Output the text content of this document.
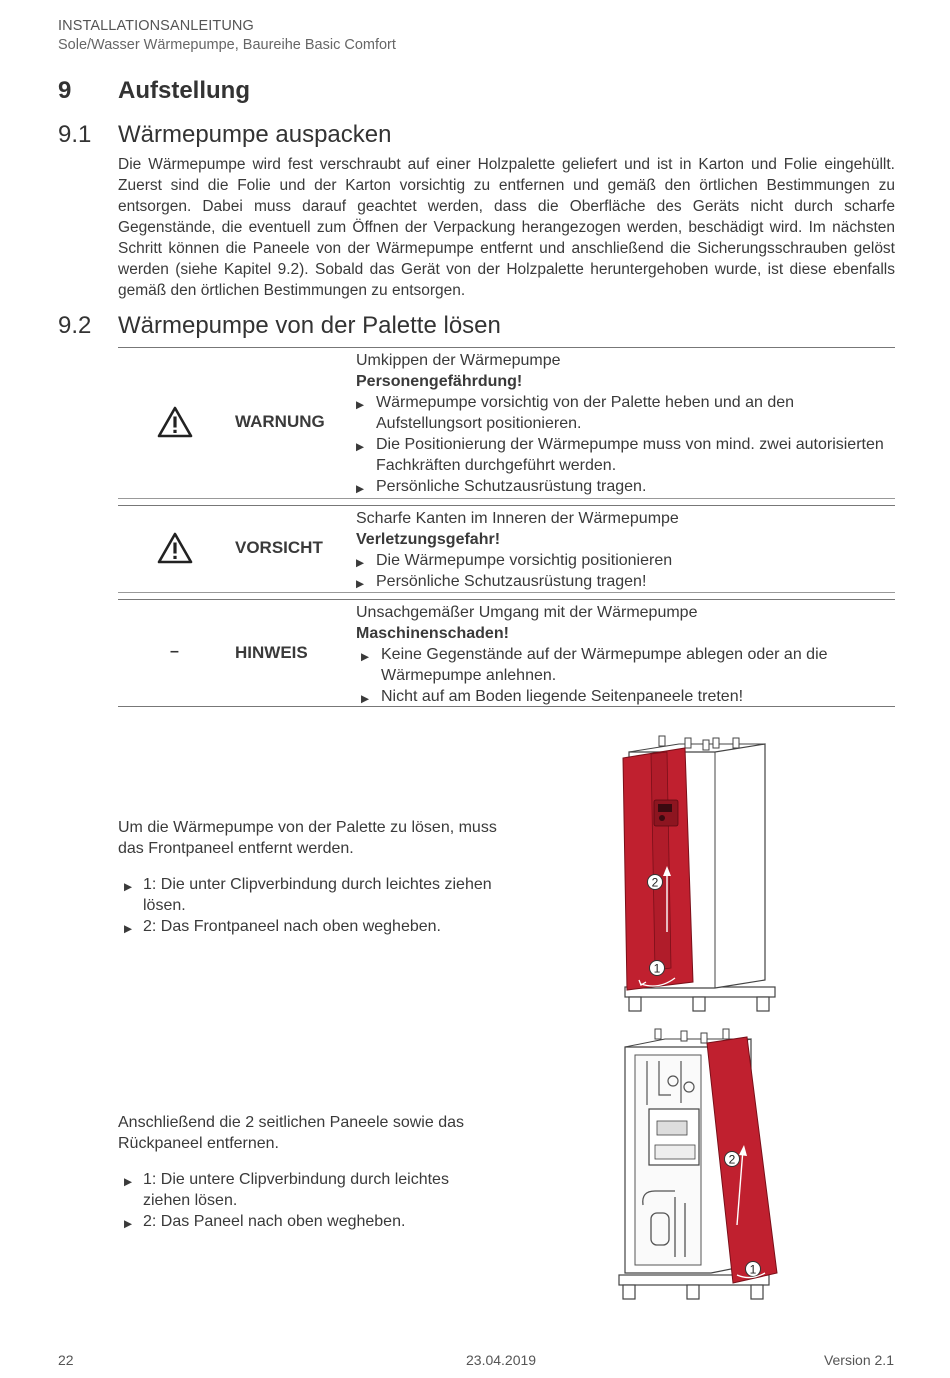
INSTALLATIONSANLEITUNG
Sole/Wasser Wärmepumpe, Baureihe Basic Comfort
9 Aufstellung
9.1 Wärmepumpe auspacken
Die Wärmepumpe wird fest verschraubt auf einer Holzpalette geliefert und ist in Karton und Folie eingehüllt. Zuerst sind die Folie und der Karton vorsichtig zu entfernen und gemäß den örtlichen Bestimmungen zu entsorgen. Dabei muss darauf geachtet werden, dass die Oberfläche des Geräts nicht durch scharfe Gegenstände, die eventuell zum Öffnen der Verpackung herangezogen werden, beschädigt wird. Im nächsten Schritt können die Paneele von der Wärmepumpe entfernt und anschließend die Sicherungsschrauben gelöst werden (siehe Kapitel 9.2). Sobald das Gerät von der Holzpalette heruntergehoben wurde, ist diese ebenfalls gemäß den örtlichen Bestimmungen zu entsorgen.
9.2 Wärmepumpe von der Palette lösen
WARNUNG
Umkippen der Wärmepumpe
Personengefährdung!
▶ Wärmepumpe vorsichtig von der Palette heben und an den Aufstellungsort positionieren.
▶ Die Positionierung der Wärmepumpe muss von mind. zwei autorisierten Fachkräften durchgeführt werden.
▶ Persönliche Schutzausrüstung tragen.
VORSICHT
Scharfe Kanten im Inneren der Wärmepumpe
Verletzungsgefahr!
▶ Die Wärmepumpe vorsichtig positionieren
▶ Persönliche Schutzausrüstung tragen!
–	HINWEIS
Unsachgemäßer Umgang mit der Wärmepumpe
Maschinenschaden!
▶ Keine Gegenstände auf der Wärmepumpe ablegen oder an die Wärmepumpe anlehnen.
▶ Nicht auf am Boden liegende Seitenpaneele treten!
Um die Wärmepumpe von der Palette zu lösen, muss das Frontpaneel entfernt werden.
▶ 1: Die unter Clipverbindung durch leichtes ziehen lösen.
▶ 2: Das Frontpaneel nach oben wegheben.
2
1
Anschließend die 2 seitlichen Paneele sowie das Rückpaneel entfernen.
▶ 1: Die untere Clipverbindung durch leichtes ziehen lösen.
▶ 2: Das Paneel nach oben wegheben.
2
1
22	23.04.2019	Version 2.1
